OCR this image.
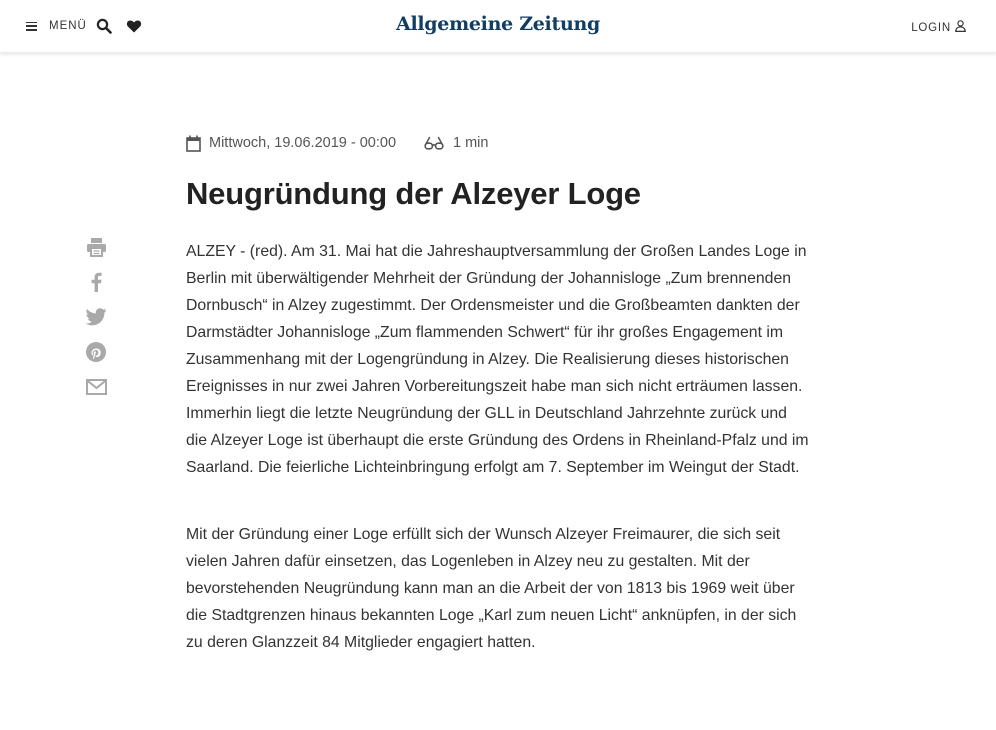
MENÜ	Allgemeine Zeitung	LOGIN
Mittwoch, 19.06.2019 - 00:00	1 min
Neugründung der Alzeyer Loge

ALZEY - (red). Am 31. Mai hat die Jahreshauptversammlung der Großen Landes Loge in Berlin mit überwältigender Mehrheit der Gründung der Johannisloge „Zum brennenden Dornbusch“ in Alzey zugestimmt. Der Ordensmeister und die Großbeamten dankten der Darmstädter Johannisloge „Zum flammenden Schwert“ für ihr großes Engagement im Zusammenhang mit der Logengründung in Alzey. Die Realisierung dieses historischen Ereignisses in nur zwei Jahren Vorbereitungszeit habe man sich nicht erträumen lassen. Immerhin liegt die letzte Neugründung der GLL in Deutschland Jahrzehnte zurück und die Alzeyer Loge ist überhaupt die erste Gründung des Ordens in Rheinland-Pfalz und im Saarland. Die feierliche Lichteinbringung erfolgt am 7. September im Weingut der Stadt.

Mit der Gründung einer Loge erfüllt sich der Wunsch Alzeyer Freimaurer, die sich seit vielen Jahren dafür einsetzen, das Logenleben in Alzey neu zu gestalten. Mit der bevorstehenden Neugründung kann man an die Arbeit der von 1813 bis 1969 weit über die Stadtgrenzen hinaus bekannten Loge „Karl zum neuen Licht“ anknüpfen, in der sich zu deren Glanzzeit 84 Mitglieder engagiert hatten.
